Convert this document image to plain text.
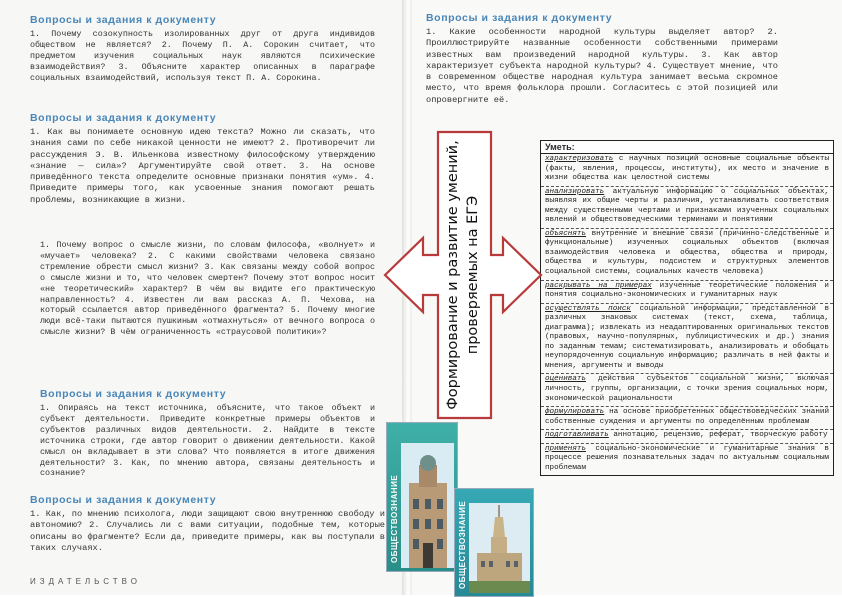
Вопросы и задания к документу

1. Почему созокупность изолированных друг от друга индивидов обществом не является? 2. Почему П. А. Сорокин считает, что предметом изучения социальных наук являются психические взаимодействия? 3. Объясните характер описанных в параграфе социальных взаимодействий, используя текст П. А. Сорокина.

Вопросы и задания к документу

1. Как вы понимаете основную идею текста? Можно ли сказать, что знания сами по себе никакой ценности не имеют? 2. Противоречит ли рассуждения Э. В. Ильенкова известному философскому утверждению «знание — сила»? Аргументируйте свой ответ. 3. На основе приведённого текста определите основные признаки понятия «ум». 4. Приведите примеры того, как усвоенные знания помогают решать проблемы, возникающие в жизни.

1. Почему вопрос о смысле жизни, по словам философа, «волнует» и «мучает» человека? 2. С какими свойствами человека связано стремление обрести смысл жизни? 3. Как связаны между собой вопрос о смысле жизни и то, что человек смертен? Почему этот вопрос носит «не теоретический» характер? В чём вы видите его практическую направленность? 4. Известен ли вам рассказ А. П. Чехова, на который ссылается автор приведённого фрагмента? 5. Почему многие люди всё-таки пытаются пушкиным «отмахнуться» от вечного вопроса о смысле жизни? В чём ограниченность «страусовой политики»?

Вопросы и задания к документу

1. Опираясь на текст источника, объясните, что такое объект и субъект деятельности. Приведите конкретные примеры объектов и субъектов различных видов деятельности. 2. Найдите в тексте источника строки, где автор говорит о движении деятельности. Какой смысл он вкладывает в эти слова? Что появляется в итоге движения деятельности? 3. Как, по мнению автора, связаны деятельность и сознание?

Вопросы и задания к документу

1. Как, по мнению психолога, люди защищают свою внутреннюю свободу и автономию? 2. Случались ли с вами ситуации, подобные тем, которые описаны во фрагменте? Если да, приведите примеры, как вы поступали в таких случаях.

ИЗДАТЕЛЬСТВО

Вопросы и задания к документу

1. Какие особенности народной культуры выделяет автор? 2. Проиллюстрируйте названные особенности собственными примерами известных вам произведений народной культуры. 3. Как автор характеризует субъекта народной культуры? 4. Существует мнение, что в современном обществе народная культура занимает весьма скромное место, что время фольклора прошли. Согласитесь с этой позицией или опровергните её.

Уметь:
характеризовать с научных позиций основные социальные объекты (факты, явления, процессы, институты), их место и значение в жизни общества как целостной системы
анализировать актуальную информацию о социальных объектах, выявляя их общие черты и различия, устанавливать соответствия между существенными чертами и признаками изученных социальных явлений и обществоведческими терминами и понятиями
объяснять внутренние и внешние связи (причинно-следственные и функциональные) изученных социальных объектов (включая взаимодействия человека и общества, общества и природы, общества и культуры, подсистем и структурных элементов социальной системы, социальных качеств человека)
раскрывать на примерах изученные теоретические положения и понятия социально-экономических и гуманитарных наук
осуществлять поиск социальной информации, представленной в различных знаковых системах (текст, схема, таблица, диаграмма); извлекать из неадаптированных оригинальных текстов (правовых, научно-популярных, публицистических и др.) знания по заданным темам; систематизировать, анализировать и обобщать неупорядоченную социальную информацию; различать в ней факты и мнения, аргументы и выводы
оценивать действия субъектов социальной жизни, включая личность, группы, организации, с точки зрения социальных норм, экономической рациональности
формулировать на основе приобретенных обществоведческих знаний собственные суждения и аргументы по определённым проблемам
подготавливать аннотацию, рецензию, реферат, творческую работу
применять социально-экономические и гуманитарные знания в процессе решения познавательных задач по актуальным социальным проблемам
Формирование и развитие умений, проверяемых на ЕГЭ
ОБЩЕСТВОЗНАНИЕ	ОБЩЕСТВОЗНАНИЕ
